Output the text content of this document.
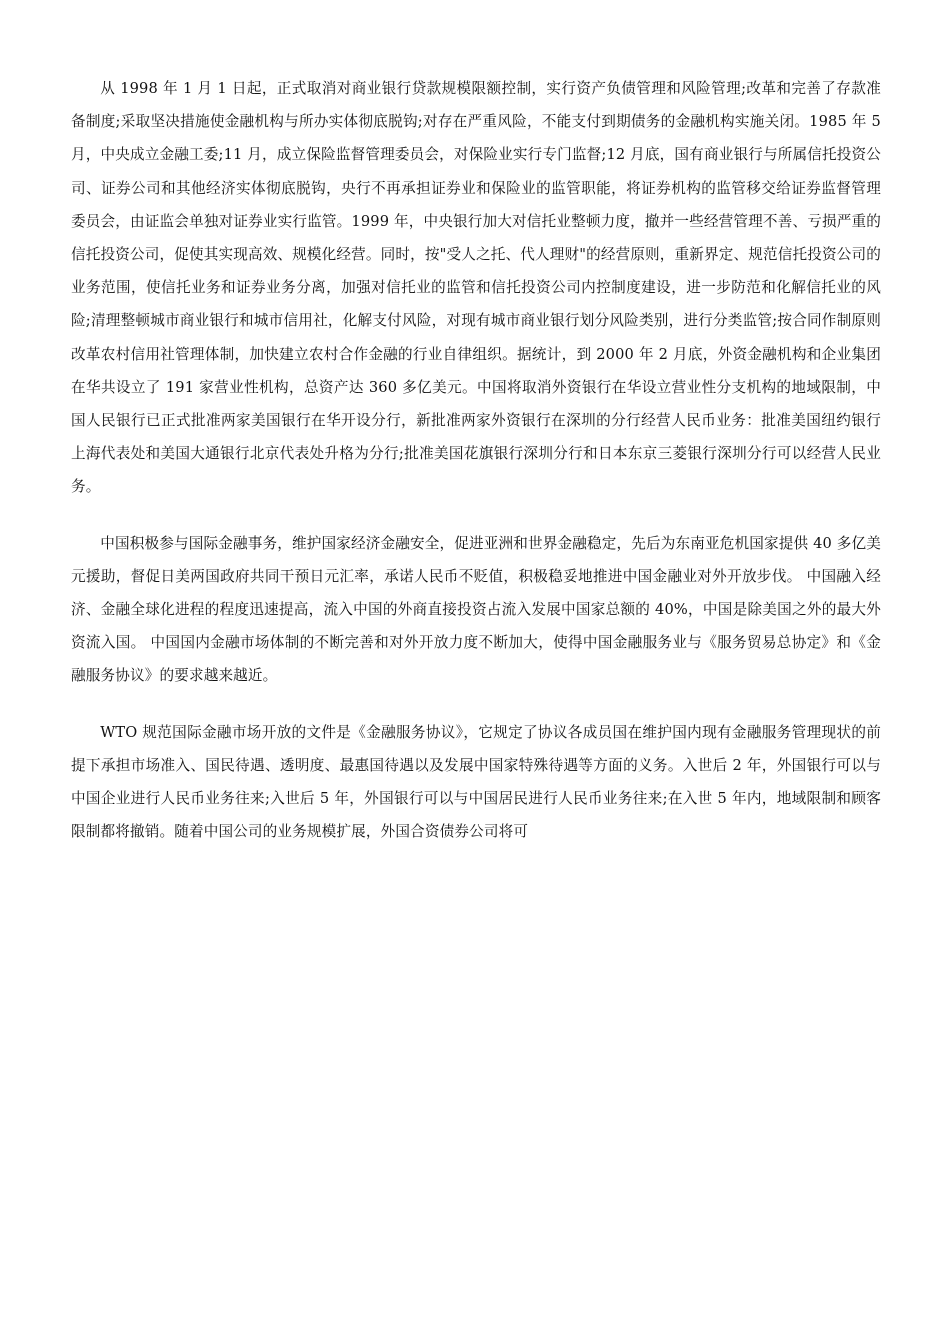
从 1998 年 1 月 1 日起，正式取消对商业银行贷款规模限额控制，实行资产负债管理和风险管理;改革和完善了存款准备制度;采取坚决措施使金融机构与所办实体彻底脱钩;对存在严重风险，不能支付到期债务的金融机构实施关闭。1985 年 5 月，中央成立金融工委;11 月，成立保险监督管理委员会，对保险业实行专门监督;12 月底，国有商业银行与所属信托投资公司、证券公司和其他经济实体彻底脱钩，央行不再承担证券业和保险业的监管职能，将证券机构的监管移交给证券监督管理委员会，由证监会单独对证券业实行监管。1999 年，中央银行加大对信托业整顿力度，撤并一些经营管理不善、亏损严重的信托投资公司，促使其实现高效、规模化经营。同时，按"受人之托、代人理财"的经营原则，重新界定、规范信托投资公司的业务范围，使信托业务和证券业务分离，加强对信托业的监管和信托投资公司内控制度建设，进一步防范和化解信托业的风险;清理整顿城市商业银行和城市信用社，化解支付风险，对现有城市商业银行划分风险类别，进行分类监管;按合同作制原则改革农村信用社管理体制，加快建立农村合作金融的行业自律组织。据统计，到 2000 年 2 月底，外资金融机构和企业集团在华共设立了 191 家营业性机构，总资产达 360 多亿美元。中国将取消外资银行在华设立营业性分支机构的地域限制，中国人民银行已正式批准两家美国银行在华开设分行，新批准两家外资银行在深圳的分行经营人民币业务：批准美国纽约银行上海代表处和美国大通银行北京代表处升格为分行;批准美国花旗银行深圳分行和日本东京三菱银行深圳分行可以经营人民业务。

中国积极参与国际金融事务，维护国家经济金融安全，促进亚洲和世界金融稳定，先后为东南亚危机国家提供 40 多亿美元援助，督促日美两国政府共同干预日元汇率，承诺人民币不贬值，积极稳妥地推进中国金融业对外开放步伐。 中国融入经济、金融全球化进程的程度迅速提高，流入中国的外商直接投资占流入发展中国家总额的 40%，中国是除美国之外的最大外资流入国。 中国国内金融市场体制的不断完善和对外开放力度不断加大，使得中国金融服务业与《服务贸易总协定》和《金融服务协议》的要求越来越近。

WTO 规范国际金融市场开放的文件是《金融服务协议》，它规定了协议各成员国在维护国内现有金融服务管理现状的前提下承担市场准入、国民待遇、透明度、最惠国待遇以及发展中国家特殊待遇等方面的义务。入世后 2 年，外国银行可以与中国企业进行人民币业务往来;入世后 5 年，外国银行可以与中国居民进行人民币业务往来;在入世 5 年内，地域限制和顾客限制都将撤销。随着中国公司的业务规模扩展，外国合资债券公司将可
